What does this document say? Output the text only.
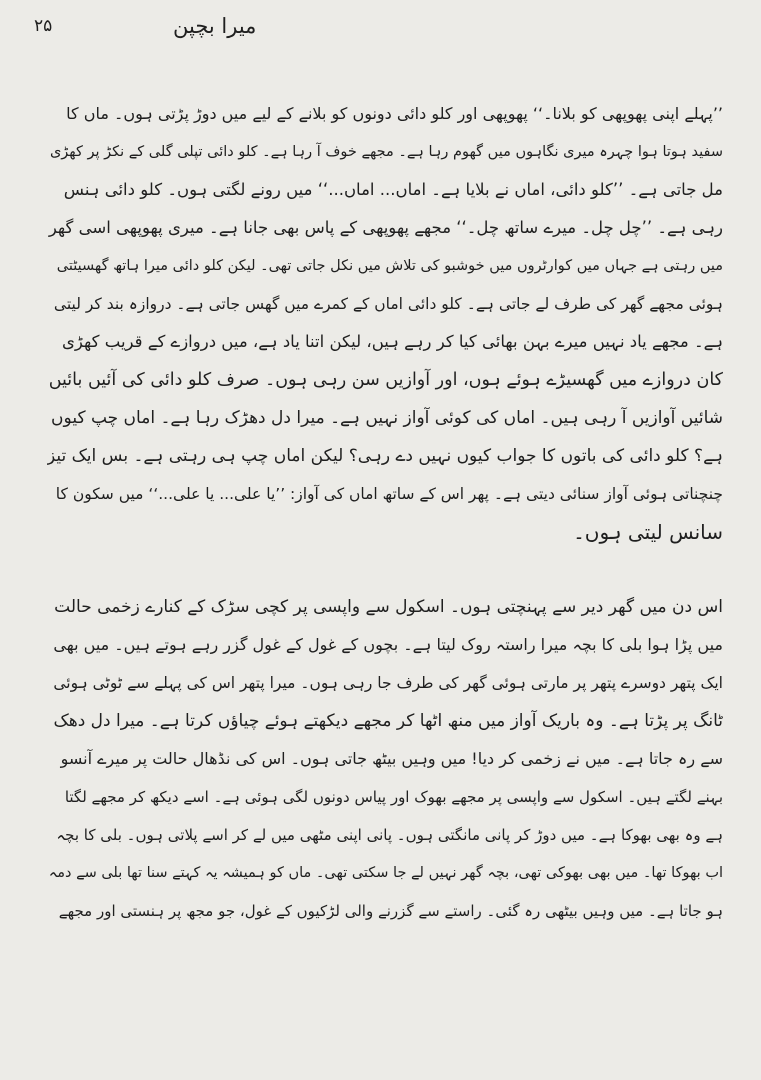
۲۵	میرا بچپن

’’پہلے اپنی پھوپھی کو بلانا۔‘‘ پھوپھی اور کلو دائی دونوں کو بلانے کے لیے میں دوڑ پڑتی ہوں۔ ماں کا
سفید ہوتا ہوا چہرہ میری نگاہوں میں گھوم رہا ہے۔ مجھے خوف آ رہا ہے۔ کلو دائی تپلی گلی کے نکڑ پر کھڑی
مل جاتی ہے۔ ’’کلو دائی، اماں نے بلایا ہے۔ اماں... اماں...‘‘ میں رونے لگتی ہوں۔ کلو دائی ہنس
رہی ہے۔ ’’چل چل۔ میرے ساتھ چل۔‘‘ مجھے پھوپھی کے پاس بھی جانا ہے۔ میری پھوپھی اسی گھر
میں رہتی ہے جہاں میں کوارٹروں میں خوشبو کی تلاش میں نکل جاتی تھی۔ لیکن کلو دائی میرا ہاتھ گھسیٹتی
ہوئی مجھے گھر کی طرف لے جاتی ہے۔ کلو دائی اماں کے کمرے میں گھس جاتی ہے۔ دروازہ بند کر لیتی
ہے۔ مجھے یاد نہیں میرے بہن بھائی کیا کر رہے ہیں، لیکن اتنا یاد ہے، میں دروازے کے قریب کھڑی
کان دروازے میں گھسیڑے ہوئے ہوں، اور آوازیں سن رہی ہوں۔ صرف کلو دائی کی آئیں بائیں
شائیں آوازیں آ رہی ہیں۔ اماں کی کوئی آواز نہیں ہے۔ میرا دل دھڑک رہا ہے۔ اماں چپ کیوں
ہے؟ کلو دائی کی باتوں کا جواب کیوں نہیں دے رہی؟ لیکن اماں چپ ہی رہتی ہے۔ بس ایک تیز
چنچناتی ہوئی آواز سنائی دیتی ہے۔ پھر اس کے ساتھ اماں کی آواز: ’’یا علی... یا علی...‘‘ میں سکون کا
سانس لیتی ہوں۔

اس دن میں گھر دیر سے پہنچتی ہوں۔ اسکول سے واپسی پر کچی سڑک کے کنارے زخمی حالت
میں پڑا ہوا بلی کا بچہ میرا راستہ روک لیتا ہے۔ بچوں کے غول کے غول گزر رہے ہوتے ہیں۔ میں بھی
ایک پتھر دوسرے پتھر پر مارتی ہوئی گھر کی طرف جا رہی ہوں۔ میرا پتھر اس کی پہلے سے ٹوٹی ہوئی
ٹانگ پر پڑتا ہے۔ وہ باریک آواز میں منھ اٹھا کر مجھے دیکھتے ہوئے چیاؤں کرتا ہے۔ میرا دل دھک
سے رہ جاتا ہے۔ میں نے زخمی کر دیا! میں وہیں بیٹھ جاتی ہوں۔ اس کی نڈھال حالت پر میرے آنسو
بہنے لگتے ہیں۔ اسکول سے واپسی پر مجھے بھوک اور پیاس دونوں لگی ہوئی ہے۔ اسے دیکھ کر مجھے لگتا
ہے وہ بھی بھوکا ہے۔ میں دوڑ کر پانی مانگتی ہوں۔ پانی اپنی مٹھی میں لے کر اسے پلاتی ہوں۔ بلی کا بچہ
اب بھوکا تھا۔ میں بھی بھوکی تھی، بچہ گھر نہیں لے جا سکتی تھی۔ ماں کو ہمیشہ یہ کہتے سنا تھا بلی سے دمہ
ہو جاتا ہے۔ میں وہیں بیٹھی رہ گئی۔ راستے سے گزرنے والی لڑکیوں کے غول، جو مجھ پر ہنستی اور مجھے
